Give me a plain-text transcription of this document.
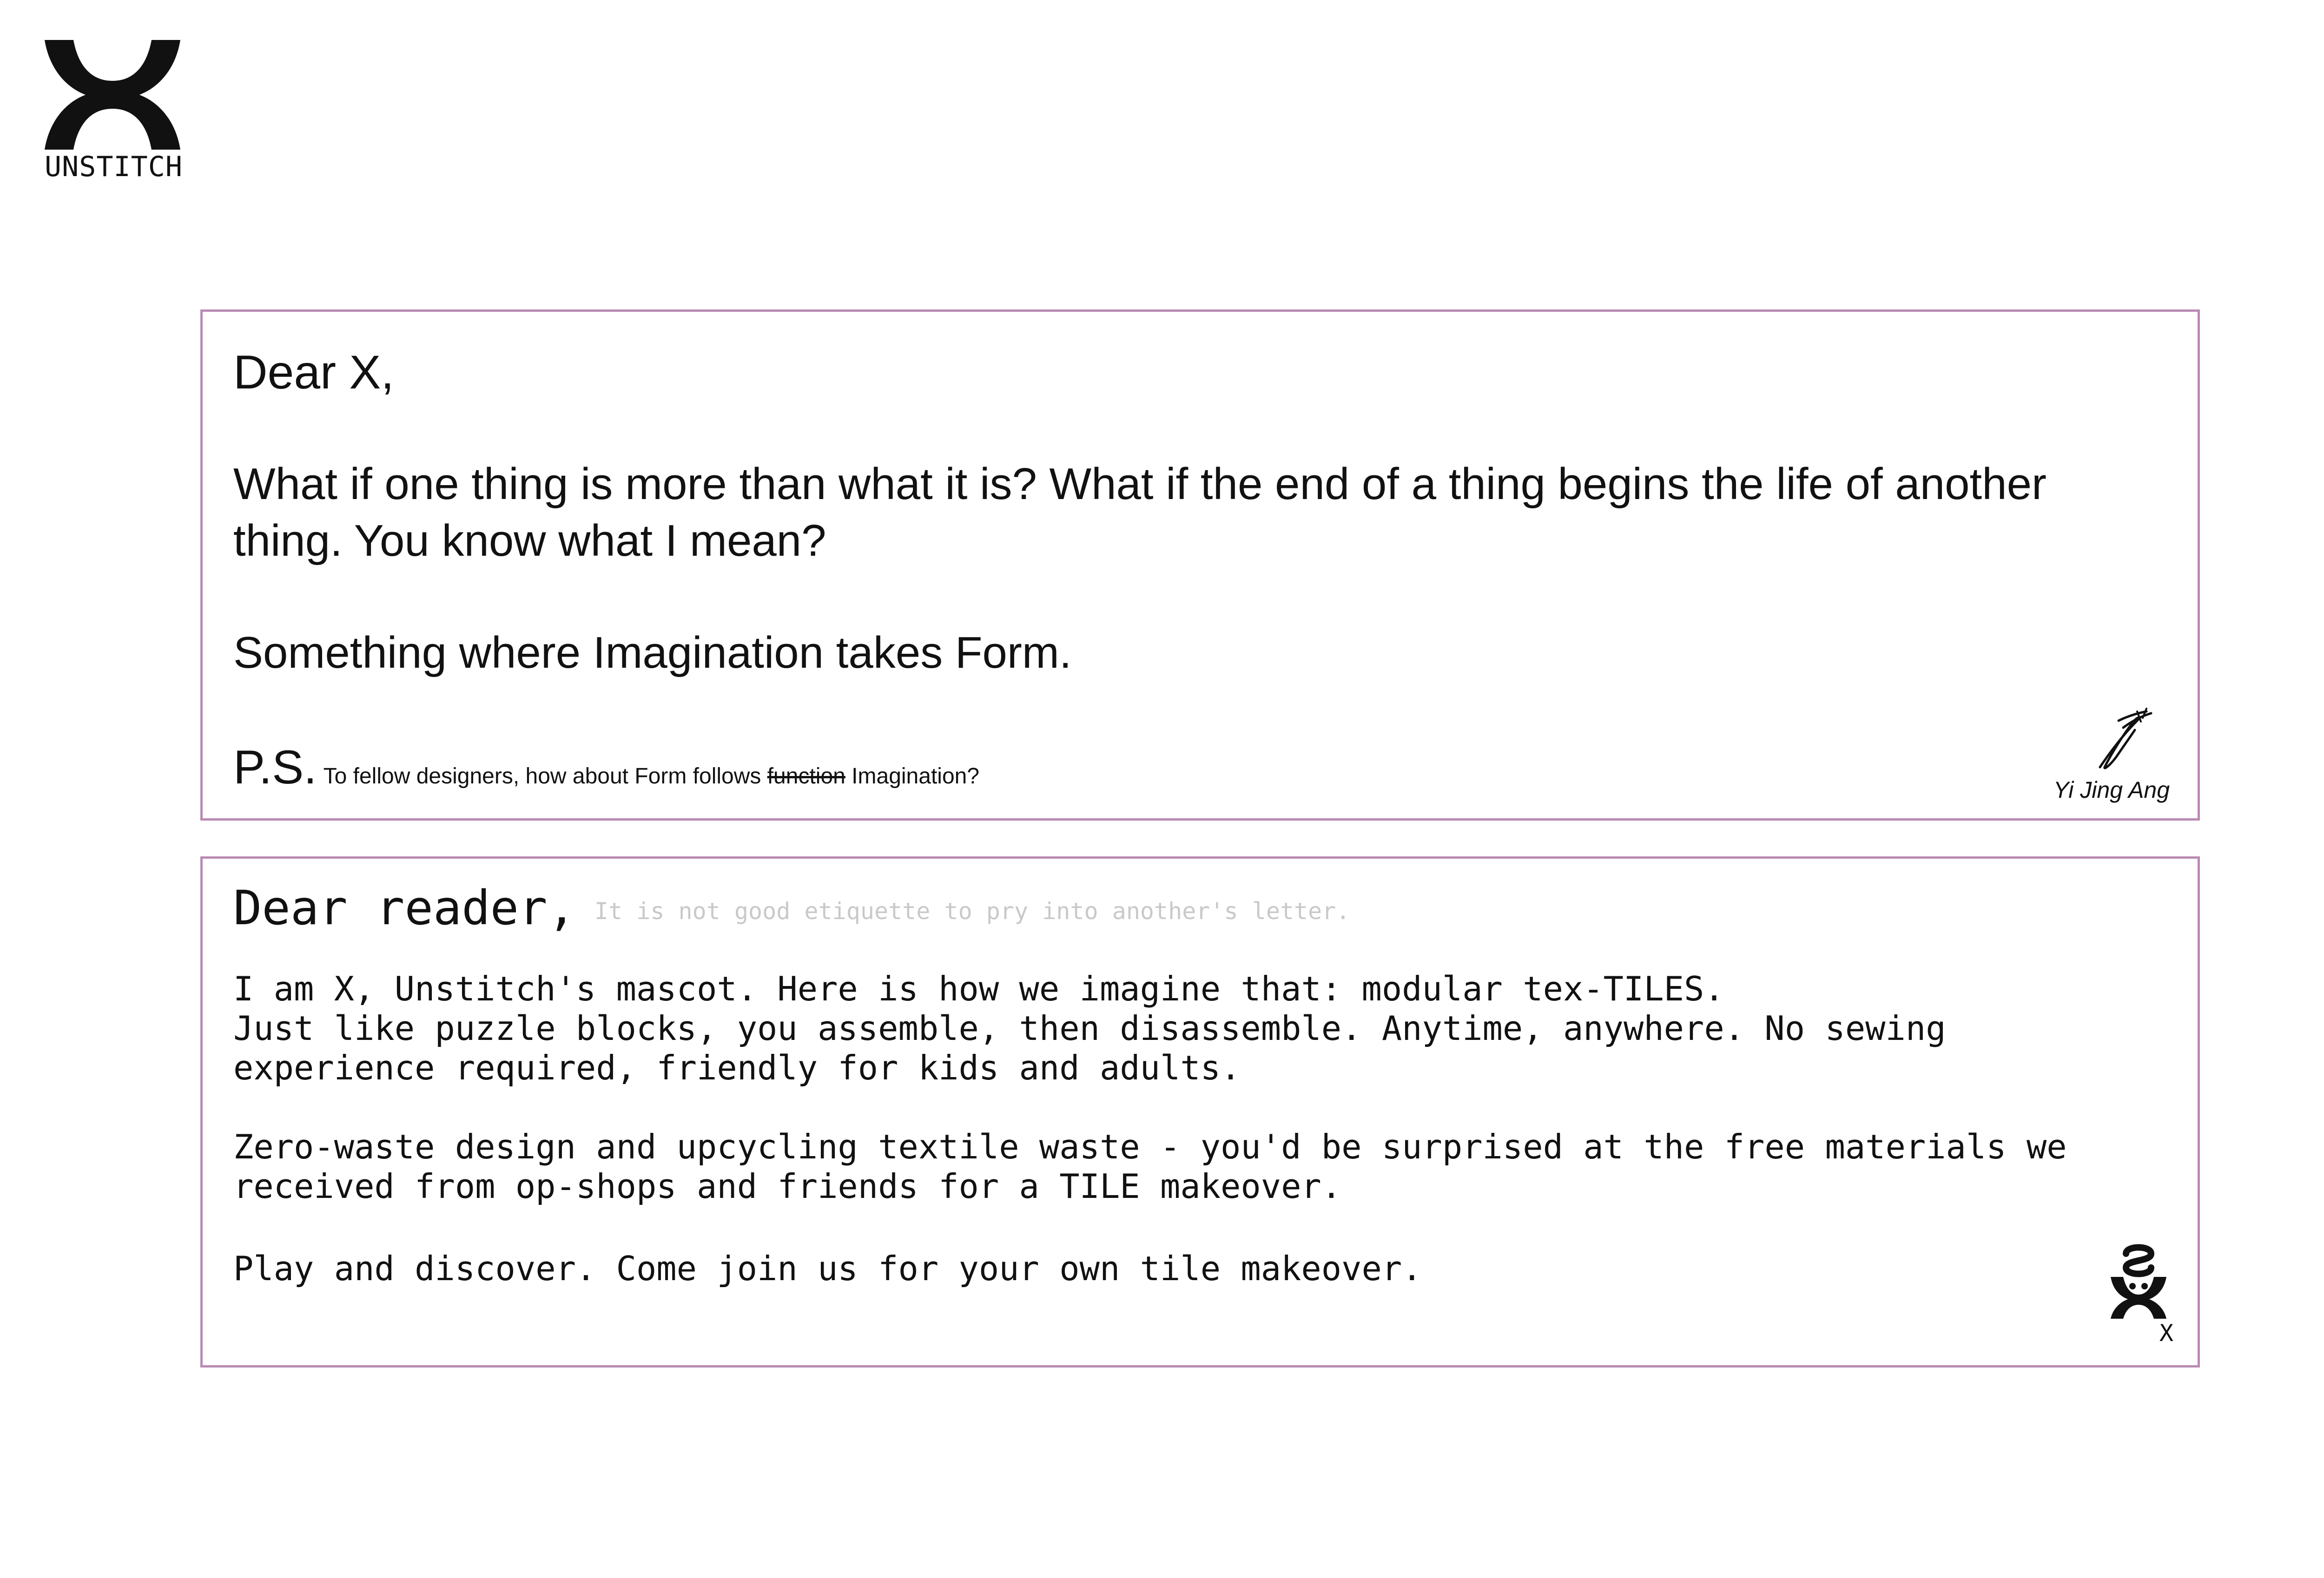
UNSTITCH

Dear X,

What if one thing is more than what it is? What if the end of a thing begins the life of another thing. You know what I mean?

Something where Imagination takes Form.

P.S. To fellow designers, how about Form follows function Imagination?

Yi Jing Ang

Dear reader, It is not good etiquette to pry into another's letter.

I am X, Unstitch's mascot. Here is how we imagine that: modular tex-TILES.
Just like puzzle blocks, you assemble, then disassemble. Anytime, anywhere. No sewing experience required, friendly for kids and adults.

Zero-waste design and upcycling textile waste - you'd be surprised at the free materials we received from op-shops and friends for a TILE makeover.

Play and discover. Come join us for your own tile makeover.

X
